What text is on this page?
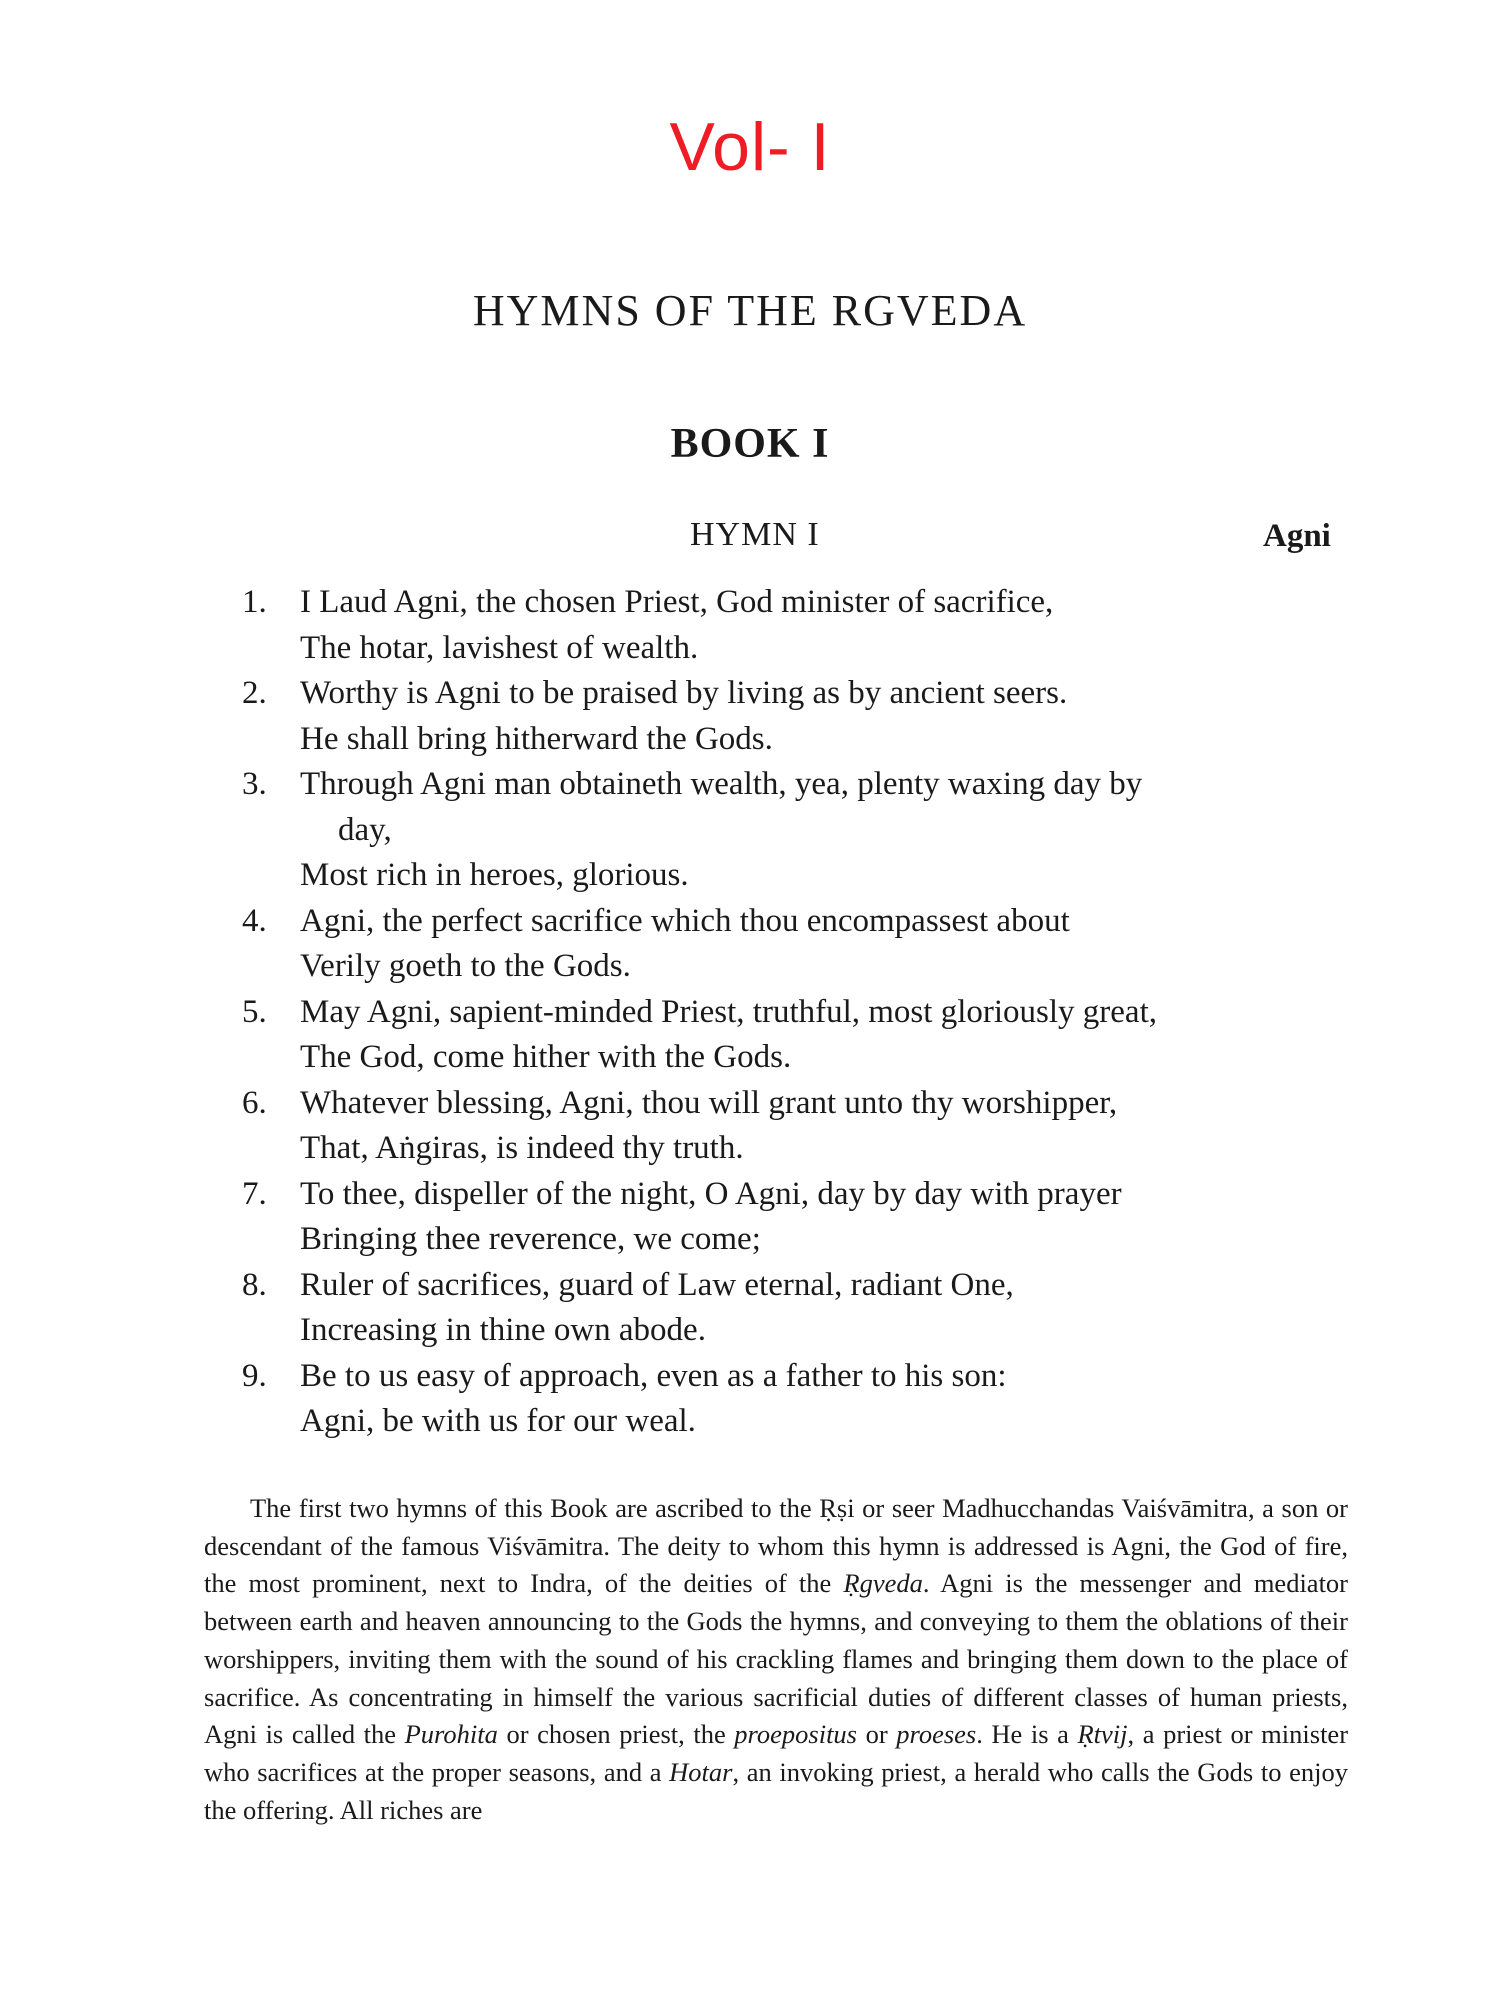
Vol- I
HYMNS OF THE RGVEDA
BOOK I
HYMN I	Agni
1.	I Laud Agni, the chosen Priest, God minister of sacrifice,
The hotar, lavishest of wealth.
2.	Worthy is Agni to be praised by living as by ancient seers.
He shall bring hitherward the Gods.
3.	Through Agni man obtaineth wealth, yea, plenty waxing day by
day,
Most rich in heroes, glorious.
4.	Agni, the perfect sacrifice which thou encompassest about
Verily goeth to the Gods.
5.	May Agni, sapient-minded Priest, truthful, most gloriously great,
The God, come hither with the Gods.
6.	Whatever blessing, Agni, thou will grant unto thy worshipper,
That, Aṅgiras, is indeed thy truth.
7.	To thee, dispeller of the night, O Agni, day by day with prayer
Bringing thee reverence, we come;
8.	Ruler of sacrifices, guard of Law eternal, radiant One,
Increasing in thine own abode.
9.	Be to us easy of approach, even as a father to his son:
Agni, be with us for our weal.

The first two hymns of this Book are ascribed to the Ṛṣi or seer Madhucchandas Vaiśvāmitra, a son or descendant of the famous Viśvāmitra. The deity to whom this hymn is addressed is Agni, the God of fire, the most prominent, next to Indra, of the deities of the Ṛgveda. Agni is the messenger and mediator between earth and heaven announcing to the Gods the hymns, and conveying to them the oblations of their worshippers, inviting them with the sound of his crackling flames and bringing them down to the place of sacrifice. As concentrating in himself the various sacrificial duties of different classes of human priests, Agni is called the Purohita or chosen priest, the proepositus or proeses. He is a Ṛtvij, a priest or minister who sacrifices at the proper seasons, and a Hotar, an invoking priest, a herald who calls the Gods to enjoy the offering. All riches are
